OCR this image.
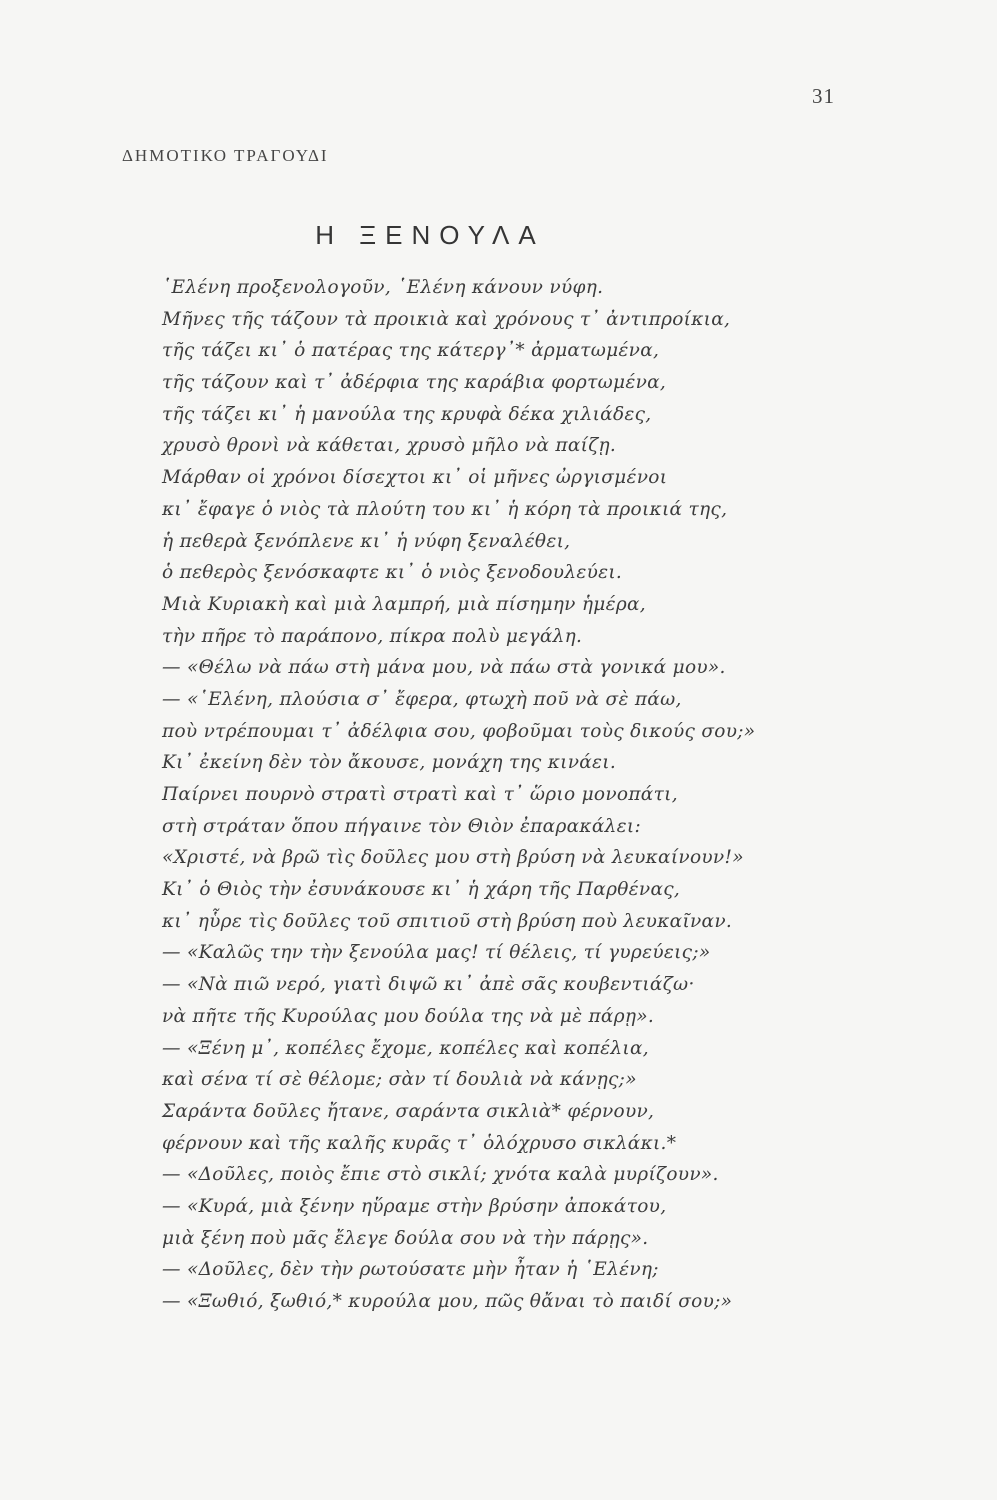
31
ΔΗΜΟΤΙΚΟ ΤΡΑΓΟΥΔΙ
Η ΞΕΝΟΥΛΑ
῾Ελένη προξενολογοῦν, ῾Ελένη κάνουν νύφη.
Μῆνες τῆς τάζουν τὰ προικιὰ καὶ χρόνους τ᾽ ἀντιπροίκια,
τῆς τάζει κι᾽ ὁ πατέρας της κάτεργ᾽* ἀρματωμένα,
τῆς τάζουν καὶ τ᾽ ἀδέρφια της καράβια φορτωμένα,
τῆς τάζει κι᾽ ἡ μανούλα της κρυφὰ δέκα χιλιάδες,
χρυσὸ θρονὶ νὰ κάθεται, χρυσὸ μῆλο νὰ παίζῃ.
Μάρθαν οἱ χρόνοι δίσεχτοι κι᾽ οἱ μῆνες ὠργισμένοι
κι᾽ ἔφαγε ὁ νιὸς τὰ πλούτη του κι᾽ ἡ κόρη τὰ προικιά της,
ἡ πεθερὰ ξενόπλενε κι᾽ ἡ νύφη ξεναλέθει,
ὁ πεθερὸς ξενόσκαφτε κι᾽ ὁ νιὸς ξενοδουλεύει.
Μιὰ Κυριακὴ καὶ μιὰ λαμπρή, μιὰ πίσημην ἡμέρα,
τὴν πῆρε τὸ παράπονο, πίκρα πολὺ μεγάλη.
— «Θέλω νὰ πάω στὴ μάνα μου, νὰ πάω στὰ γονικά μου».
— «῾Ελένη, πλούσια σ᾽ ἔφερα, φτωχὴ ποῦ νὰ σὲ πάω,
ποὺ ντρέπουμαι τ᾽ ἀδέλφια σου, φοβοῦμαι τοὺς δικούς σου;»
Κι᾽ ἐκείνη δὲν τὸν ἄκουσε, μονάχη της κινάει.
Παίρνει πουρνὸ στρατὶ στρατὶ καὶ τ᾽ ὥριο μονοπάτι,
στὴ στράταν ὅπου πήγαινε τὸν Θιὸν ἐπαρακάλει:
«Χριστέ, νὰ βρῶ τὶς δοῦλες μου στὴ βρύση νὰ λευκαίνουν!»
Κι᾽ ὁ Θιὸς τὴν ἐσυνάκουσε κι᾽ ἡ χάρη τῆς Παρθένας,
κι᾽ ηὗρε τὶς δοῦλες τοῦ σπιτιοῦ στὴ βρύση ποὺ λευκαῖναν.
— «Καλῶς την τὴν ξενούλα μας! τί θέλεις, τί γυρεύεις;»
— «Νὰ πιῶ νερό, γιατὶ διψῶ κι᾽ ἀπὲ σᾶς κουβεντιάζω·
νὰ πῆτε τῆς Κυρούλας μου δούλα της νὰ μὲ πάρῃ».
— «Ξένη μ᾽, κοπέλες ἔχομε, κοπέλες καὶ κοπέλια,
καὶ σένα τί σὲ θέλομε; σὰν τί δουλιὰ νὰ κάνῃς;»
Σαράντα δοῦλες ἤτανε, σαράντα σικλιὰ* φέρνουν,
φέρνουν καὶ τῆς καλῆς κυρᾶς τ᾽ ὁλόχρυσο σικλάκι.*
— «Δοῦλες, ποιὸς ἔπιε στὸ σικλί; χνότα καλὰ μυρίζουν».
— «Κυρά, μιὰ ξένην ηὕραμε στὴν βρύσην ἀποκάτου,
μιὰ ξένη ποὺ μᾶς ἔλεγε δούλα σου νὰ τὴν πάρῃς».
— «Δοῦλες, δὲν τὴν ρωτούσατε μὴν ἦταν ἡ ῾Ελένη;
— «Ξωθιό, ξωθιό,* κυρούλα μου, πῶς θἄναι τὸ παιδί σου;»
